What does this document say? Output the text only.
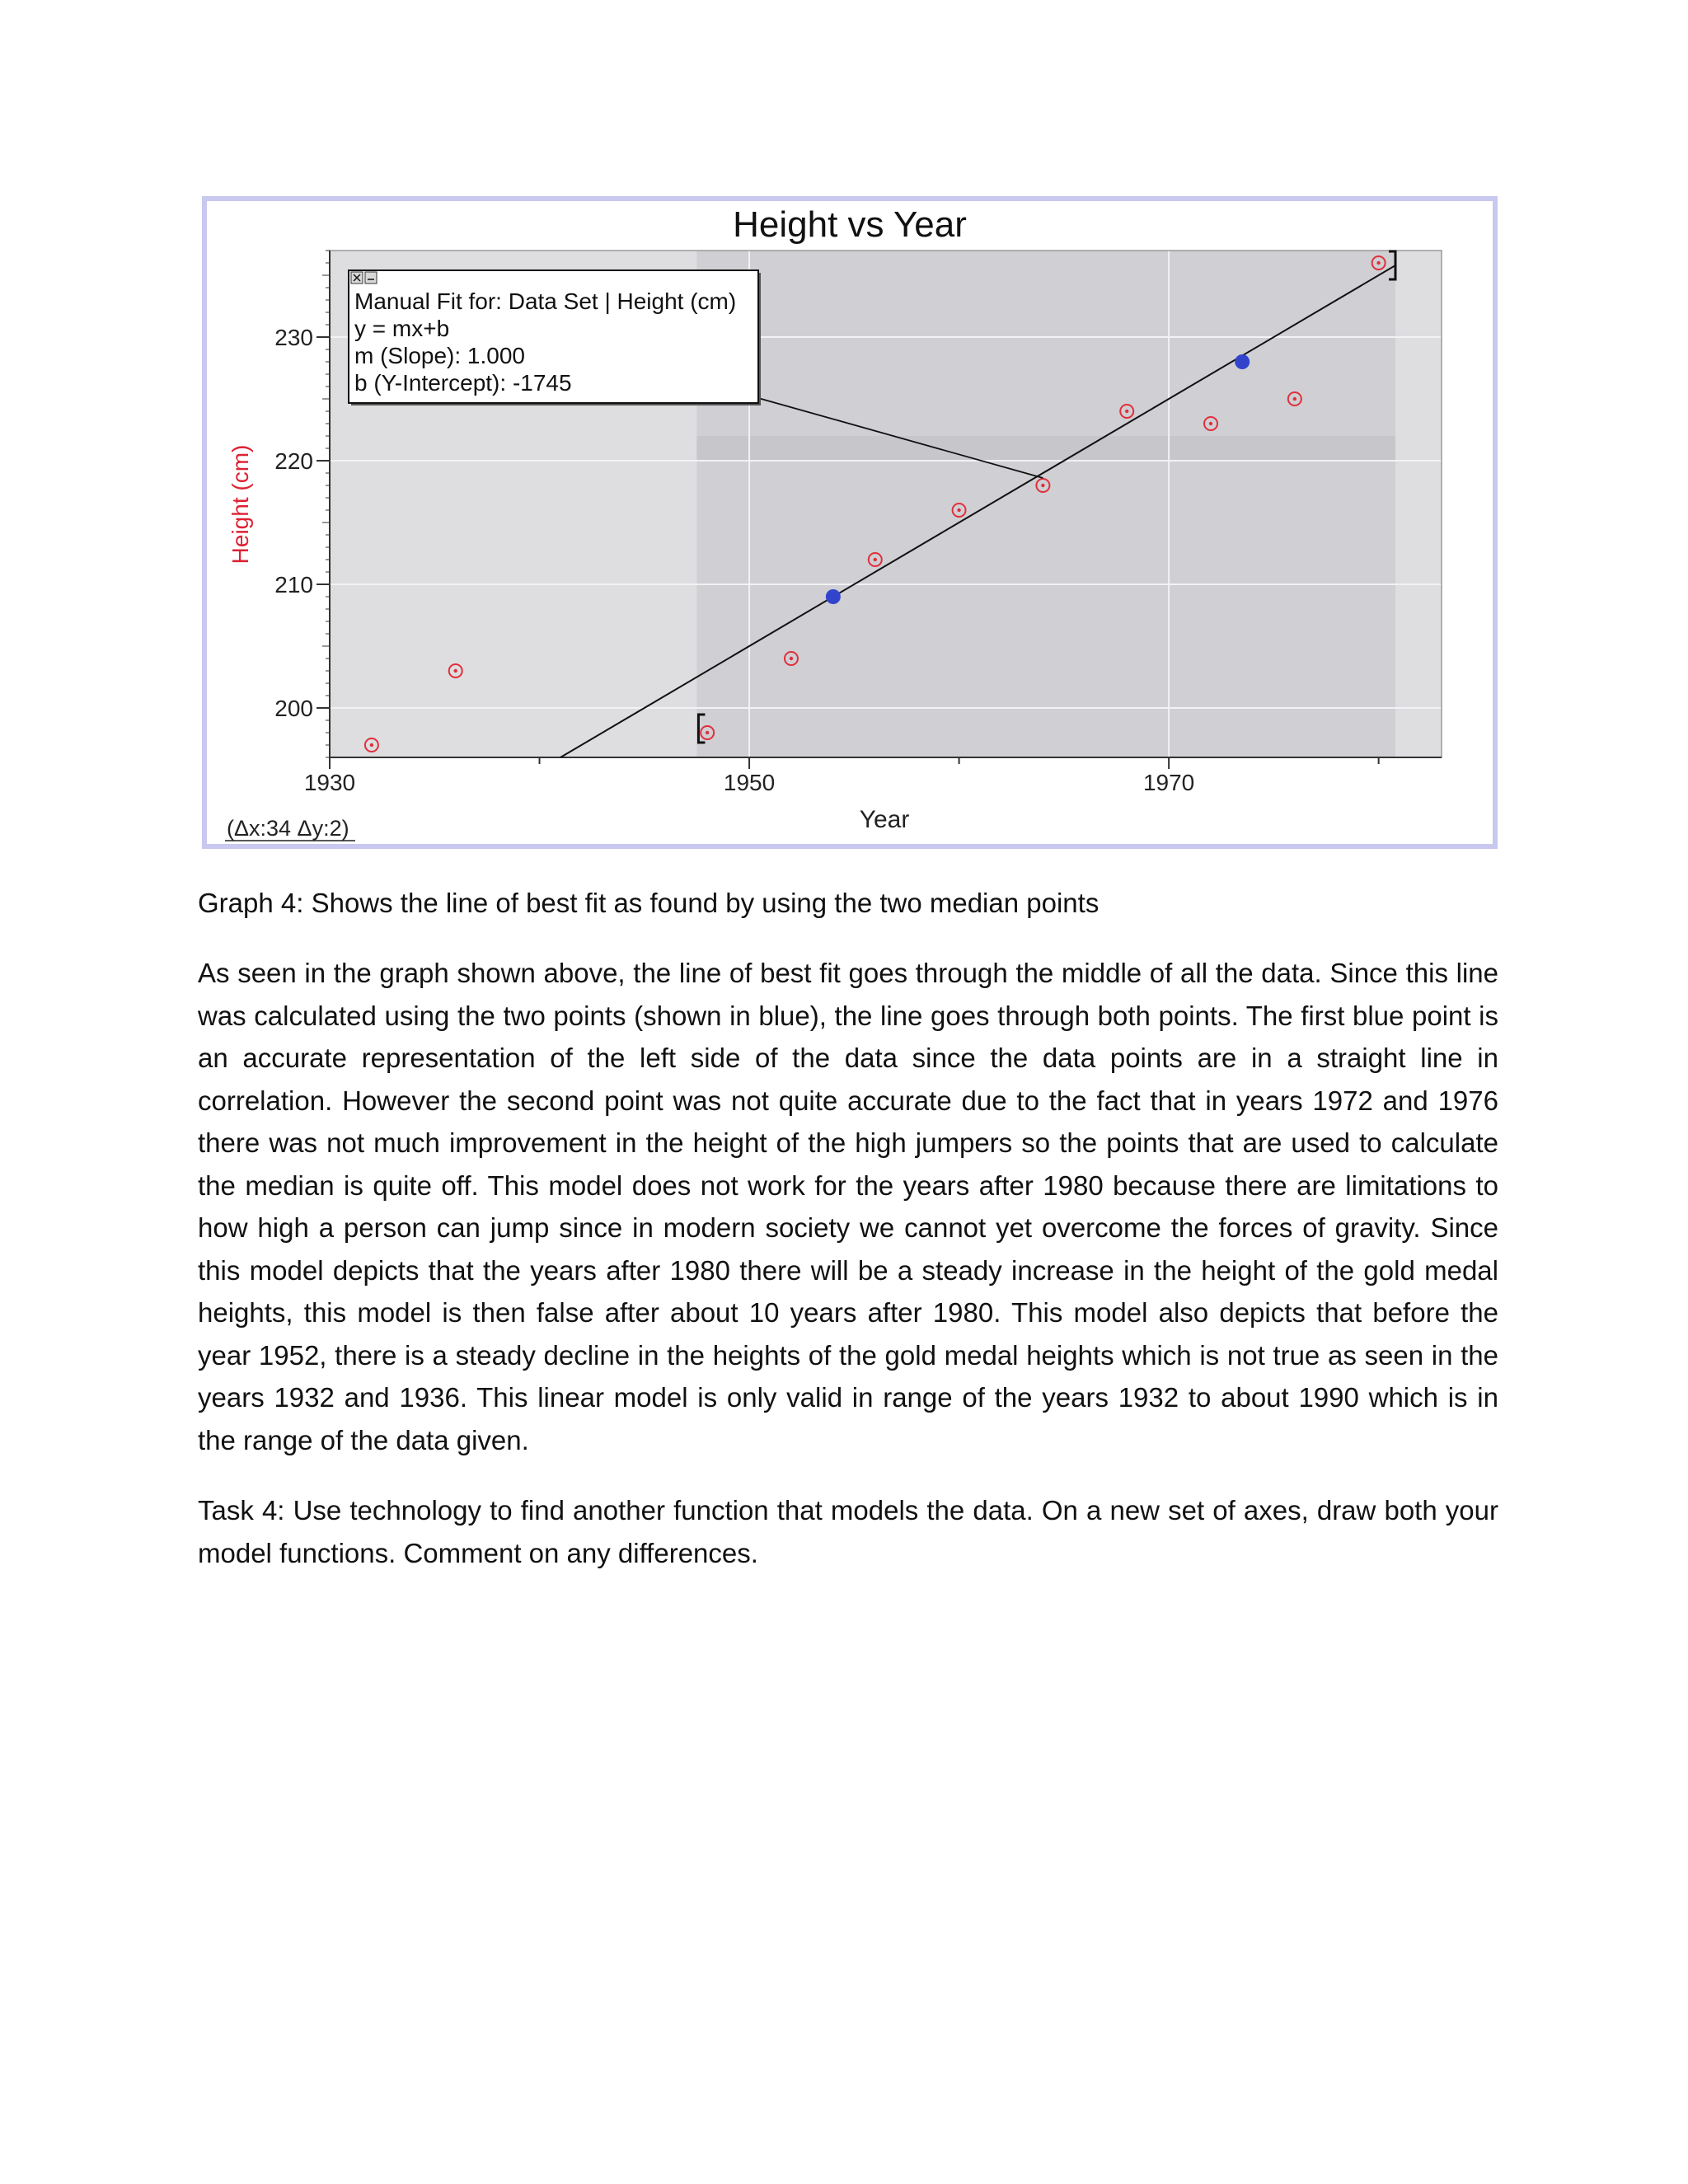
200
210
220
230
1930	1950	1970
Height vs Year
Year
Height (cm)
(Δx:34 Δy:2)
Manual Fit for: Data Set | Height (cm)
y = mx+b
m (Slope): 1.000
b (Y-Intercept): -1745

Graph 4: Shows the line of best fit as found by using the two median points

As seen in the graph shown above, the line of best fit goes through the middle of all the data. Since this line was calculated using the two points (shown in blue), the line goes through both points. The first blue point is an accurate representation of the left side of the data since the data points are in a straight line in correlation. However the second point was not quite accurate due to the fact that in years 1972 and 1976 there was not much improvement in the height of the high jumpers so the points that are used to calculate the median is quite off. This model does not work for the years after 1980 because there are limitations to how high a person can jump since in modern society we cannot yet overcome the forces of gravity. Since this model depicts that the years after 1980 there will be a steady increase in the height of the gold medal heights, this model is then false after about 10 years after 1980. This model also depicts that before the year 1952, there is a steady decline in the heights of the gold medal heights which is not true as seen in the years 1932 and 1936. This linear model is only valid in range of the years 1932 to about 1990 which is in the range of the data given.

Task 4: Use technology to find another function that models the data. On a new set of axes, draw both your model functions. Comment on any differences.
